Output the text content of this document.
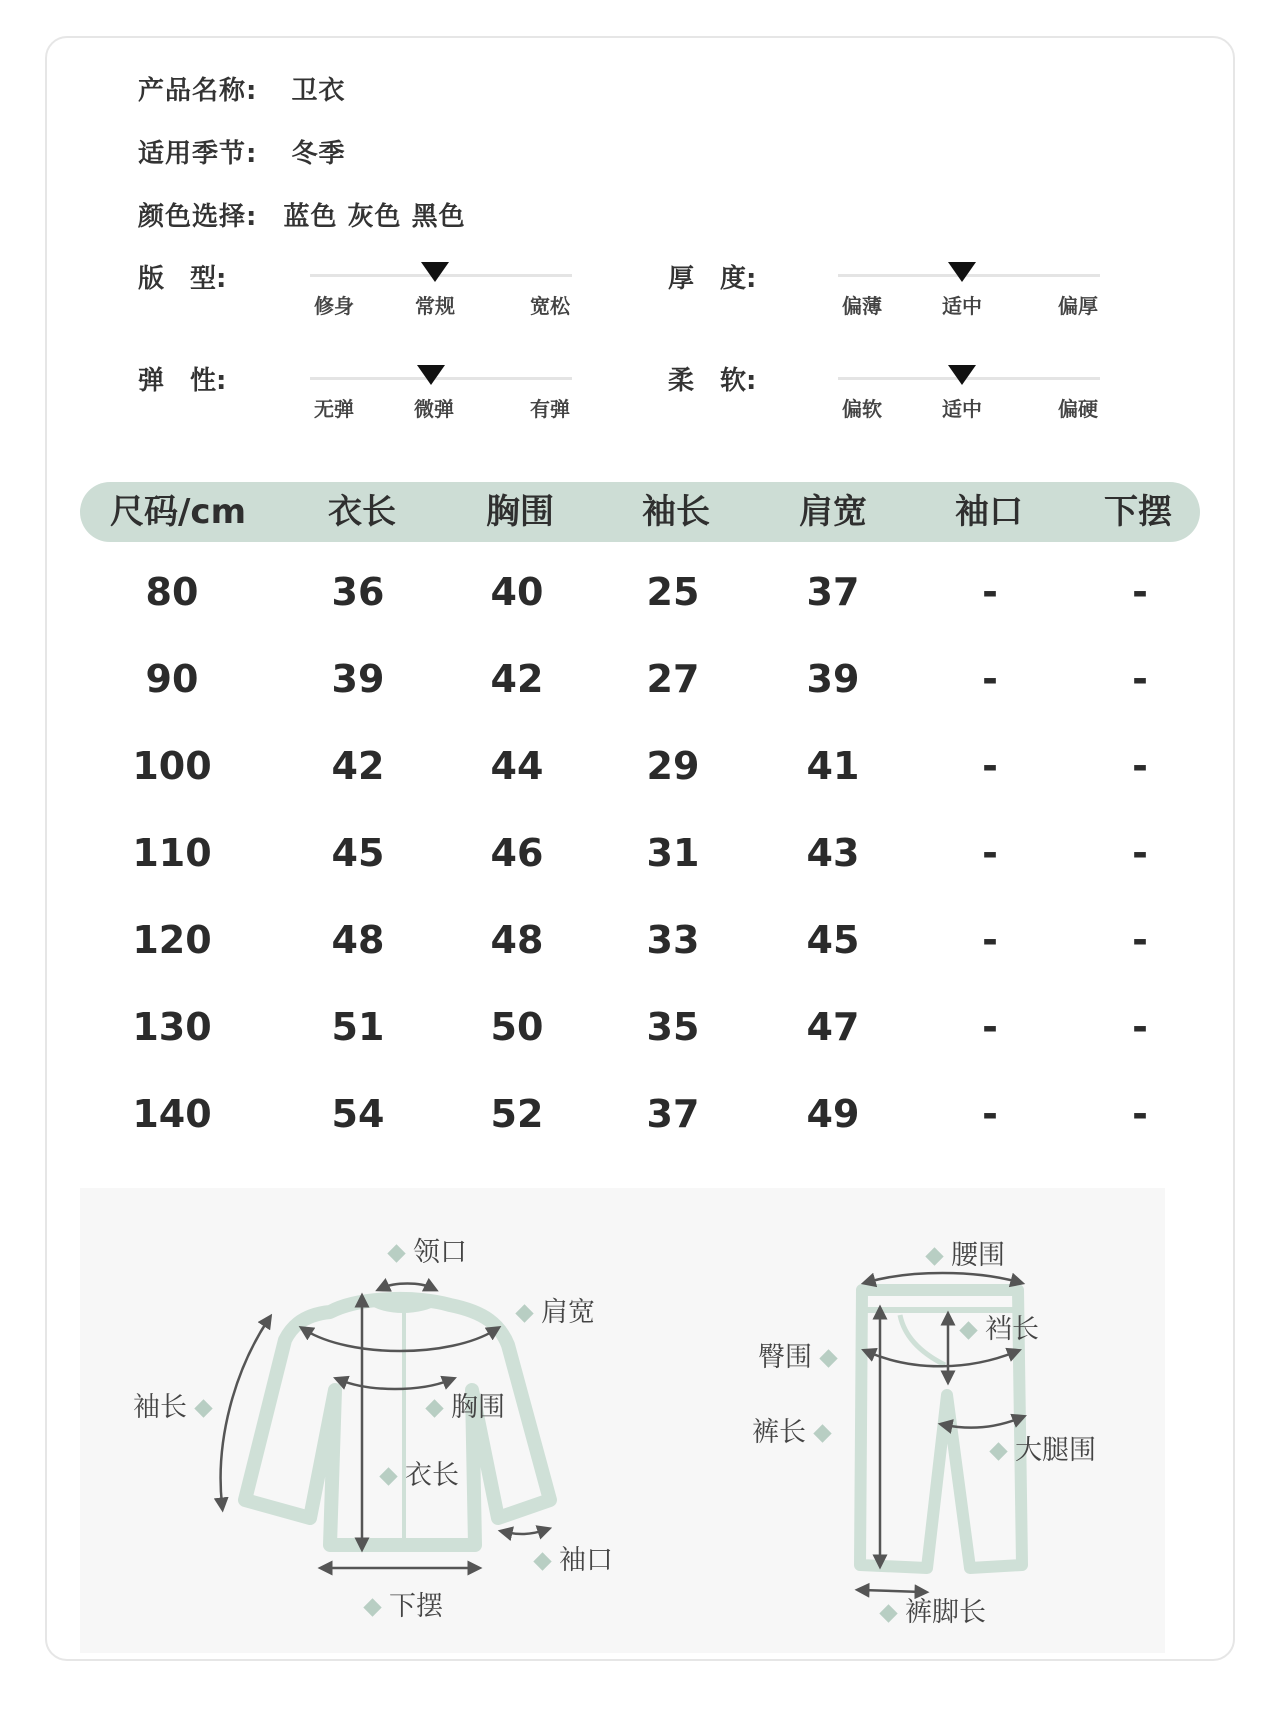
产品名称: 卫衣
适用季节: 冬季
颜色选择: 蓝色 灰色 黑色
版　型:
修身	常规	宽松
厚　度:
偏薄	适中	偏厚
弹　性:
无弹	微弹	有弹
柔　软:
偏软	适中	偏硬
尺码/cm 衣长	胸围	袖长	肩宽	袖口 下摆
80	36	40	25	37	-	-
90	39	42	27	39	-	-
100	42	44	29	41	-	-
110	45	46	31	43	-	-
120	48	48	33	45	-	-
130	51	50	35	47	-	-
140	54	52	37	49	-	-
领口
肩宽
袖长	胸围
衣长
袖口
下摆
腰围
裆长
臀围
裤长
大腿围
裤脚长
